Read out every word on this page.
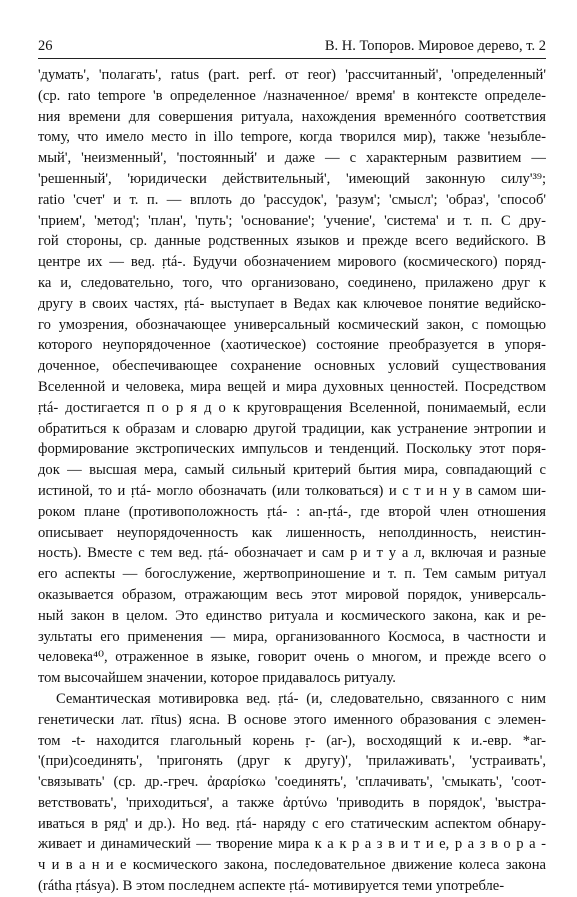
26	В. Н. Топоров. Мировое дерево, т. 2
'думать', 'полагать', ratus (part. perf. от reor) 'рассчитанный', 'определенный'
(ср. rato tempore 'в определенное /назначенное/ время' в контексте определе-
ния времени для совершения ритуала, нахождения временнóго соответствия
тому, что имело место in illo tempore, когда творился мир), также 'незыбле-
мый', 'неизменный', 'постоянный' и даже — с характерным развитием —
'решенный', 'юридически действительный', 'имеющий законную силу'³⁹;
ratio 'счет' и т. п. — вплоть до 'рассудок', 'разум'; 'смысл'; 'образ', 'способ'
'прием', 'метод'; 'план', 'путь'; 'основание'; 'учение', 'система' и т. п. С дру-
гой стороны, ср. данные родственных языков и прежде всего ведийского. В
центре их — вед. ṛtá-. Будучи обозначением мирового (космического) поряд-
ка и, следовательно, того, что организовано, соединено, прилажено друг к
другу в своих частях, ṛtá- выступает в Ведах как ключевое понятие ведийско-
го умозрения, обозначающее универсальный космический закон, с помощью
которого неупорядоченное (хаотическое) состояние преобразуется в упоря-
доченное, обеспечивающее сохранение основных условий существования
Вселенной и человека, мира вещей и мира духовных ценностей. Посредством
ṛtá- достигается п о р я д о к круговращения Вселенной, понимаемый, если
обратиться к образам и словарю другой традиции, как устранение энтропии и
формирование экстропических импульсов и тенденций. Поскольку этот поря-
док — высшая мера, самый сильный критерий бытия мира, совпадающий с
истиной, то и ṛtá- могло обозначать (или толковаться) и с т и н у в самом ши-
роком плане (противоположность ṛtá- : an-ṛtá-, где второй член отношения
описывает неупорядоченность как лишенность, неполдинность, неистин-
ность). Вместе с тем вед. ṛtá- обозначает и сам р и т у а л, включая и разные
его аспекты — богослужение, жертвоприношение и т. п. Тем самым ритуал
оказывается образом, отражающим весь этот мировой порядок, универсаль-
ный закон в целом. Это единство ритуала и космического закона, как и ре-
зультаты его применения — мира, организованного Космоса, в частности и
человека⁴⁰, отраженное в языке, говорит очень о многом, и прежде всего о
том высочайшем значении, которое придавалось ритуалу.
Семантическая мотивировка вед. ṛtá- (и, следовательно, связанного с ним
генетически лат. rītus) ясна. В основе этого именного образования с элемен-
том -t- находится глагольный корень ṛ- (ar-), восходящий к и.-евр. *ar-
'(при)соединять', 'пригонять (друг к другу)', 'прилаживать', 'устраивать',
'связывать' (ср. др.-греч. ἀραρίσκω 'соединять', 'сплачивать', 'смыкать', 'соот-
ветствовать', 'приходиться', а также ἀρτύνω 'приводить в порядок', 'выстра-
иваться в ряд' и др.). Но вед. ṛtá- наряду с его статическим аспектом обнару-
живает и динамический — творение мира к а к р а з в и т и е, р а з в о р а -
ч и в а н и е космического закона, последовательное движение колеса закона
(rátha ṛtásya). В этом последнем аспекте ṛtá- мотивируется теми употребле-
